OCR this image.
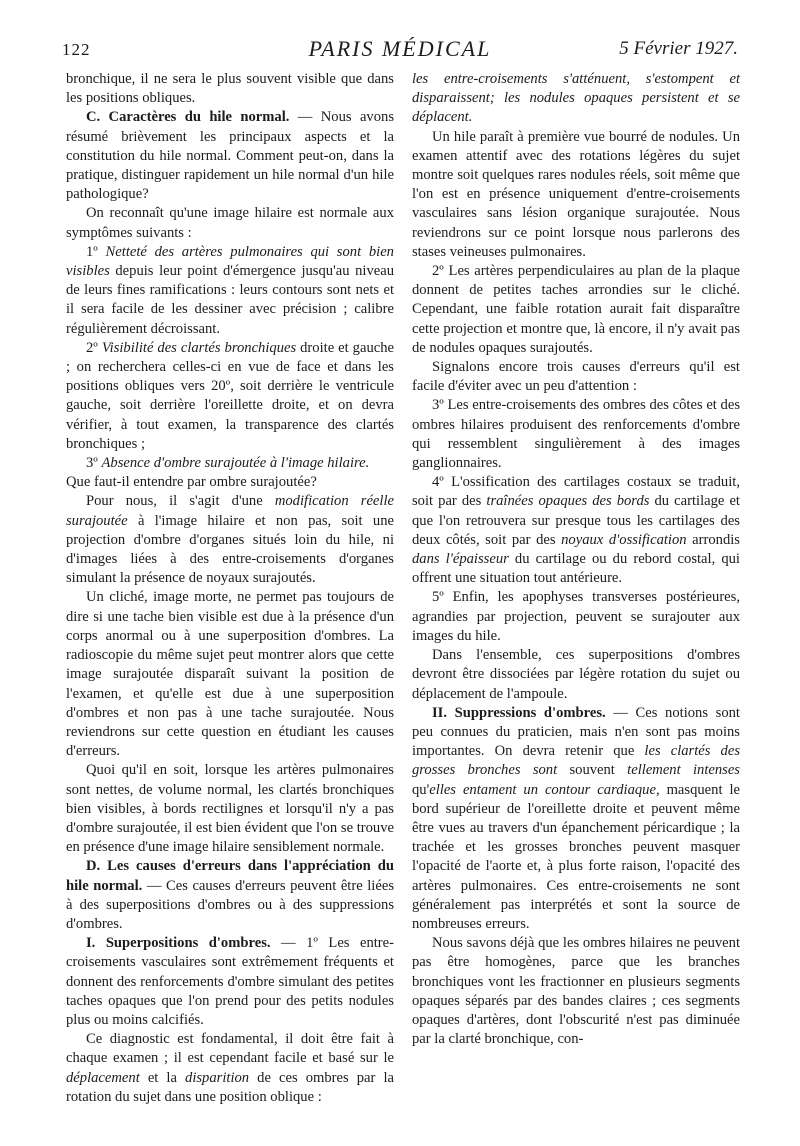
122	PARIS MÉDICAL	5 Février 1927.

bronchique, il ne sera le plus souvent visible que dans les positions obliques.

C. Caractères du hile normal. — Nous avons résumé brièvement les principaux aspects et la constitution du hile normal. Comment peut-on, dans la pratique, distinguer rapidement un hile normal d'un hile pathologique?

On reconnaît qu'une image hilaire est normale aux symptômes suivants :

1º Netteté des artères pulmonaires qui sont bien visibles depuis leur point d'émergence jusqu'au niveau de leurs fines ramifications : leurs contours sont nets et il sera facile de les dessiner avec précision ; calibre régulièrement décroissant.

2º Visibilité des clartés bronchiques droite et gauche ; on recherchera celles-ci en vue de face et dans les positions obliques vers 20º, soit derrière le ventricule gauche, soit derrière l'oreillette droite, et on devra vérifier, à tout examen, la transparence des clartés bronchiques ;

3º Absence d'ombre surajoutée à l'image hilaire.

Que faut-il entendre par ombre surajoutée?

Pour nous, il s'agit d'une modification réelle surajoutée à l'image hilaire et non pas, soit une projection d'ombre d'organes situés loin du hile, ni d'images liées à des entre-croisements d'organes simulant la présence de noyaux surajoutés.

Un cliché, image morte, ne permet pas toujours de dire si une tache bien visible est due à la présence d'un corps anormal ou à une superposition d'ombres. La radioscopie du même sujet peut montrer alors que cette image surajoutée disparaît suivant la position de l'examen, et qu'elle est due à une superposition d'ombres et non pas à une tache surajoutée. Nous reviendrons sur cette question en étudiant les causes d'erreurs.

Quoi qu'il en soit, lorsque les artères pulmonaires sont nettes, de volume normal, les clartés bronchiques bien visibles, à bords rectilignes et lorsqu'il n'y a pas d'ombre surajoutée, il est bien évident que l'on se trouve en présence d'une image hilaire sensiblement normale.

D. Les causes d'erreurs dans l'appréciation du hile normal. — Ces causes d'erreurs peuvent être liées à des superpositions d'ombres ou à des suppressions d'ombres.

I. Superpositions d'ombres. — 1º Les entre-croisements vasculaires sont extrêmement fréquents et donnent des renforcements d'ombre simulant des petites taches opaques que l'on prend pour des petits nodules plus ou moins calcifiés.

Ce diagnostic est fondamental, il doit être fait à chaque examen ; il est cependant facile et basé sur le déplacement et la disparition de ces ombres par la rotation du sujet dans une position oblique :

les entre-croisements s'atténuent, s'estompent et disparaissent; les nodules opaques persistent et se déplacent.

Un hile paraît à première vue bourré de nodules. Un examen attentif avec des rotations légères du sujet montre soit quelques rares nodules réels, soit même que l'on est en présence uniquement d'entre-croisements vasculaires sans lésion organique surajoutée. Nous reviendrons sur ce point lorsque nous parlerons des stases veineuses pulmonaires.

2º Les artères perpendiculaires au plan de la plaque donnent de petites taches arrondies sur le cliché. Cependant, une faible rotation aurait fait disparaître cette projection et montre que, là encore, il n'y avait pas de nodules opaques surajoutés.

Signalons encore trois causes d'erreurs qu'il est facile d'éviter avec un peu d'attention :

3º Les entre-croisements des ombres des côtes et des ombres hilaires produisent des renforcements d'ombre qui ressemblent singulièrement à des images ganglionnaires.

4º L'ossification des cartilages costaux se traduit, soit par des traînées opaques des bords du cartilage et que l'on retrouvera sur presque tous les cartilages des deux côtés, soit par des noyaux d'ossification arrondis dans l'épaisseur du cartilage ou du rebord costal, qui offrent une situation tout antérieure.

5º Enfin, les apophyses transverses postérieures, agrandies par projection, peuvent se surajouter aux images du hile.

Dans l'ensemble, ces superpositions d'ombres devront être dissociées par légère rotation du sujet ou déplacement de l'ampoule.

II. Suppressions d'ombres. — Ces notions sont peu connues du praticien, mais n'en sont pas moins importantes. On devra retenir que les clartés des grosses bronches sont souvent tellement intenses qu'elles entament un contour cardiaque, masquent le bord supérieur de l'oreillette droite et peuvent même être vues au travers d'un épanchement péricardique ; la trachée et les grosses bronches peuvent masquer l'opacité de l'aorte et, à plus forte raison, l'opacité des artères pulmonaires. Ces entre-croisements ne sont généralement pas interprétés et sont la source de nombreuses erreurs.

Nous savons déjà que les ombres hilaires ne peuvent pas être homogènes, parce que les branches bronchiques vont les fractionner en plusieurs segments opaques séparés par des bandes claires ; ces segments opaques d'artères, dont l'obscurité n'est pas diminuée par la clarté bronchique, con-
